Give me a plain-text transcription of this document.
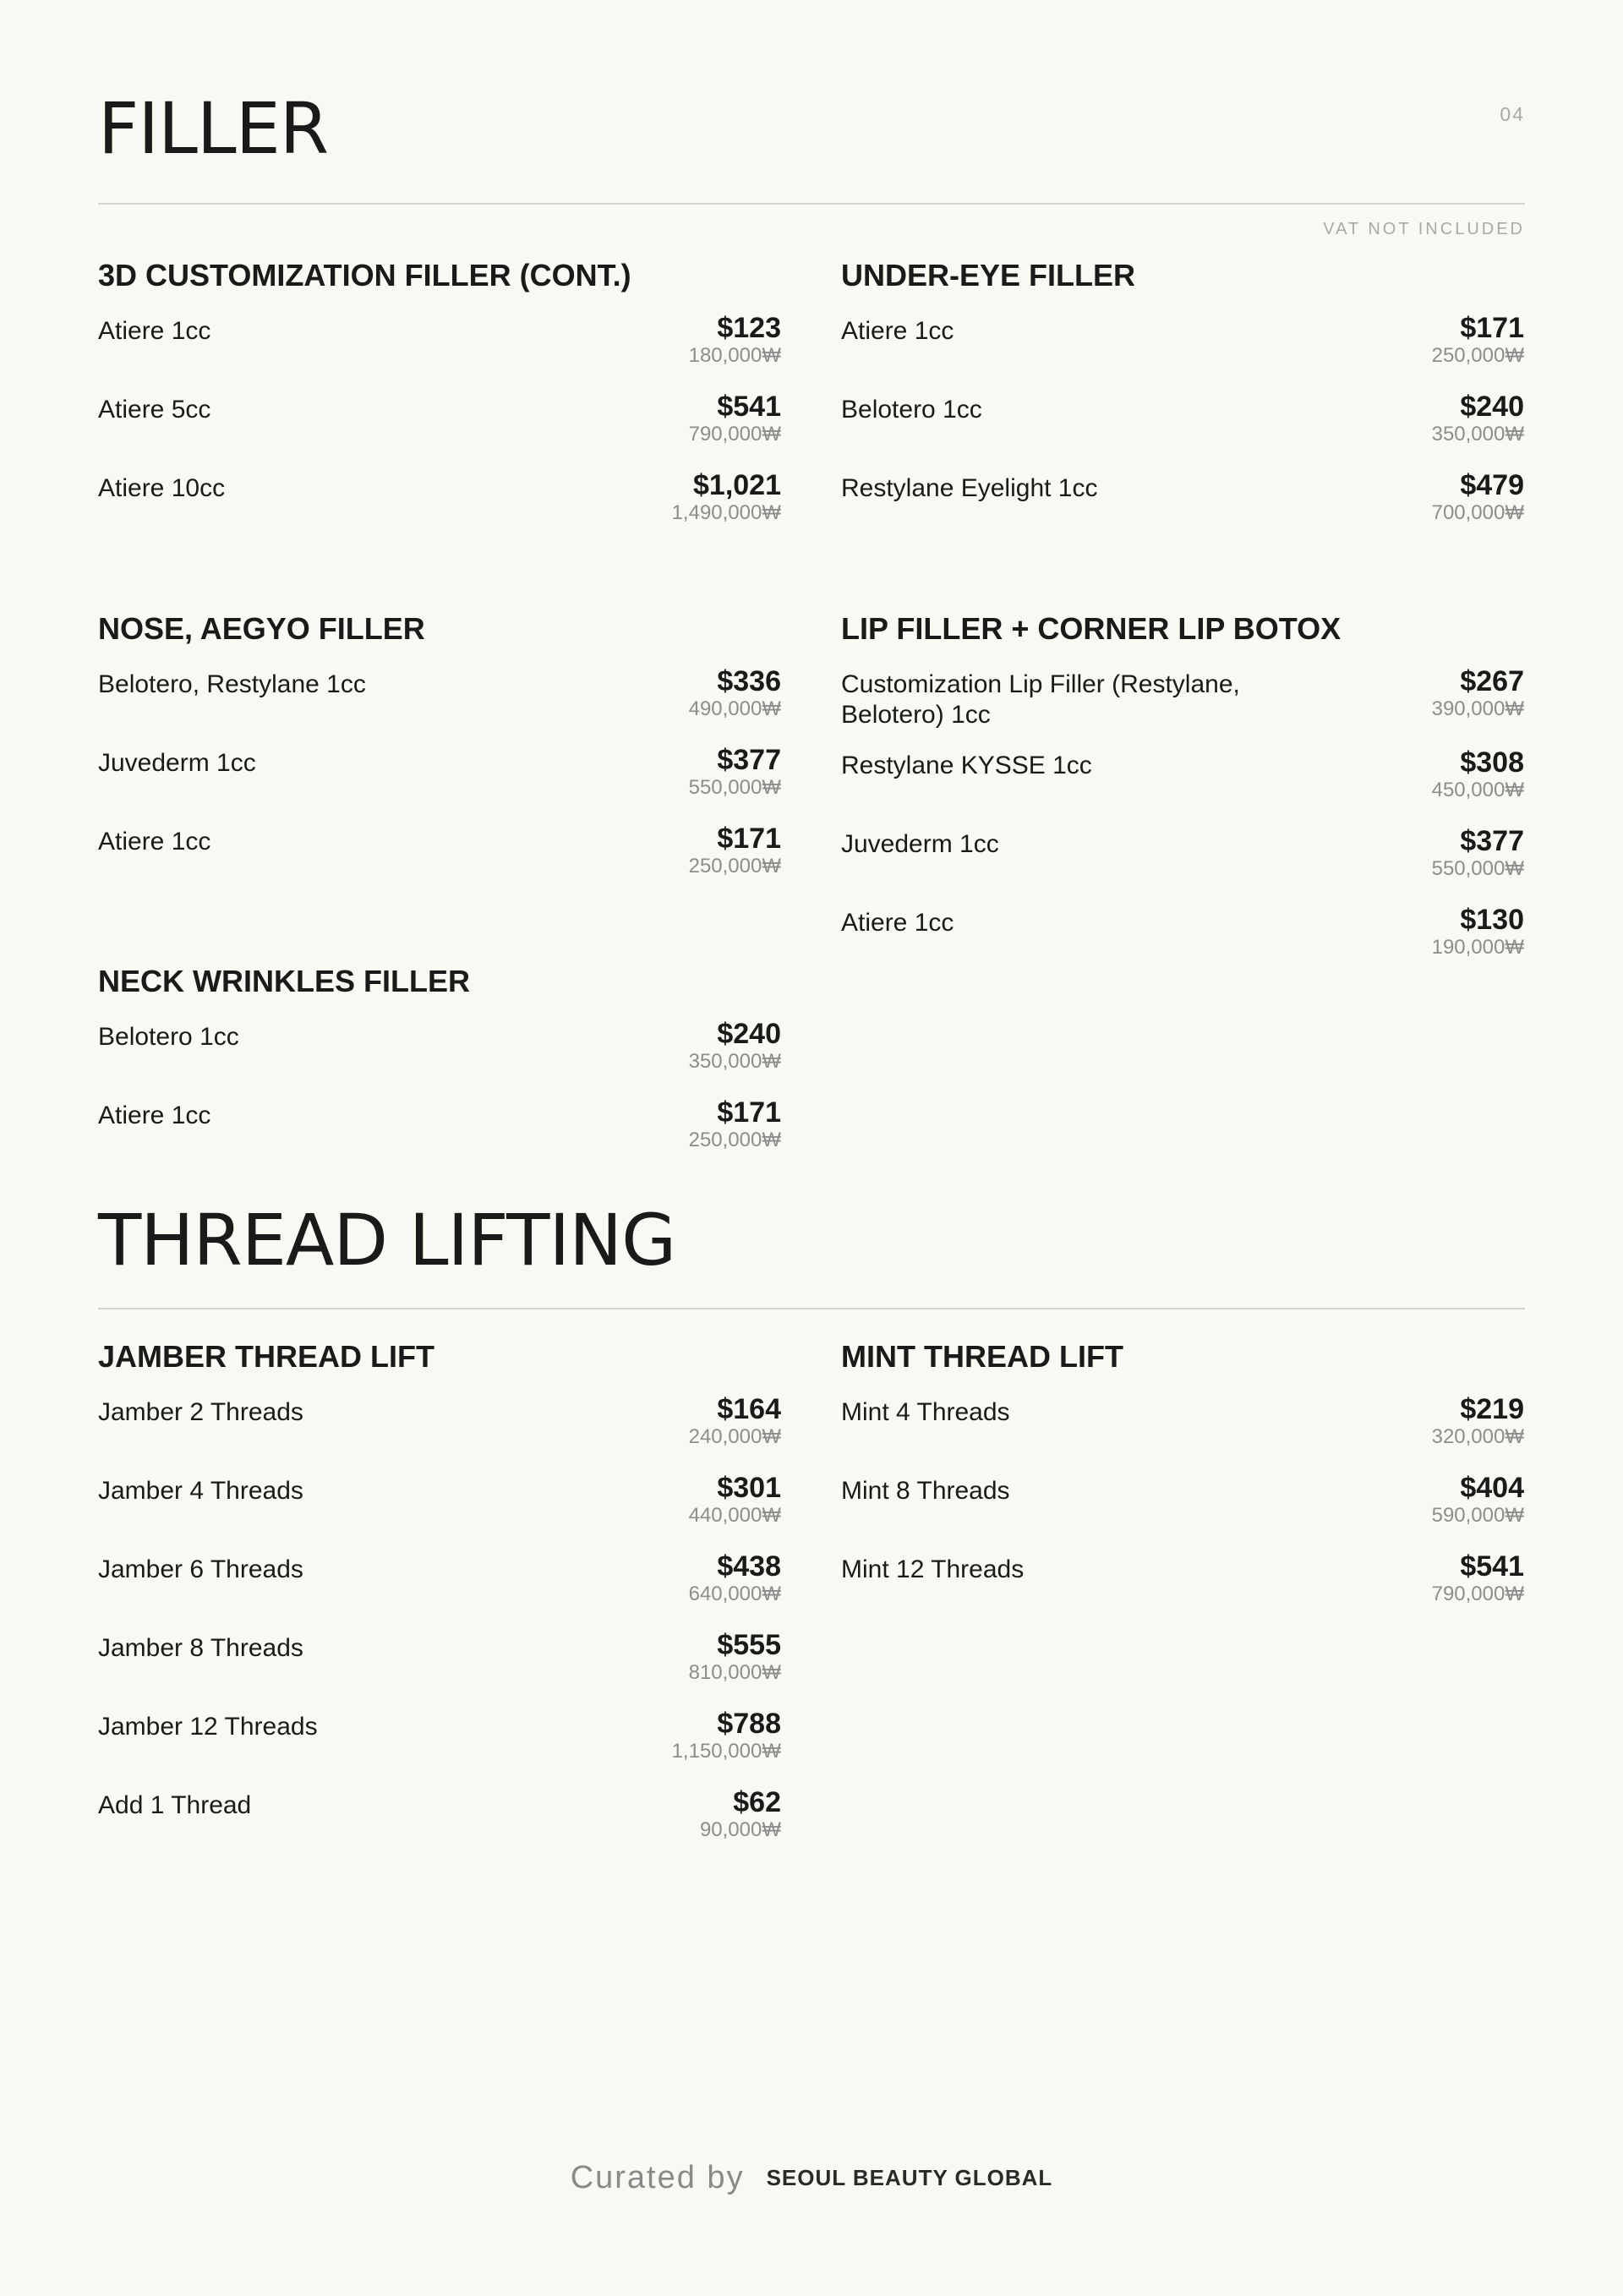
04
FILLER
VAT NOT INCLUDED
3D CUSTOMIZATION FILLER (CONT.)
Atiere 1cc	$123
180,000₩
Atiere 5cc	$541
790,000₩
Atiere 10cc	$1,021
1,490,000₩
UNDER-EYE FILLER
Atiere 1cc	$171
250,000₩
Belotero 1cc	$240
350,000₩
Restylane Eyelight 1cc	$479
700,000₩
NOSE, AEGYO FILLER
Belotero, Restylane 1cc	$336
490,000₩
Juvederm 1cc	$377
550,000₩
Atiere 1cc	$171
250,000₩
LIP FILLER + CORNER LIP BOTOX
Customization Lip Filler (Restylane, Belotero) 1cc
$267
390,000₩
Restylane KYSSE 1cc	$308
450,000₩
Juvederm 1cc	$377
550,000₩
Atiere 1cc	$130
190,000₩
NECK WRINKLES FILLER
Belotero 1cc	$240
350,000₩
Atiere 1cc	$171
250,000₩
THREAD LIFTING
JAMBER THREAD LIFT
Jamber 2 Threads	$164
240,000₩
Jamber 4 Threads	$301
440,000₩
Jamber 6 Threads	$438
640,000₩
Jamber 8 Threads	$555
810,000₩
Jamber 12 Threads	$788
1,150,000₩
Add 1 Thread	$62
90,000₩
MINT THREAD LIFT
Mint 4 Threads	$219
320,000₩
Mint 8 Threads	$404
590,000₩
Mint 12 Threads	$541
790,000₩
Curated by SEOUL BEAUTY GLOBAL
